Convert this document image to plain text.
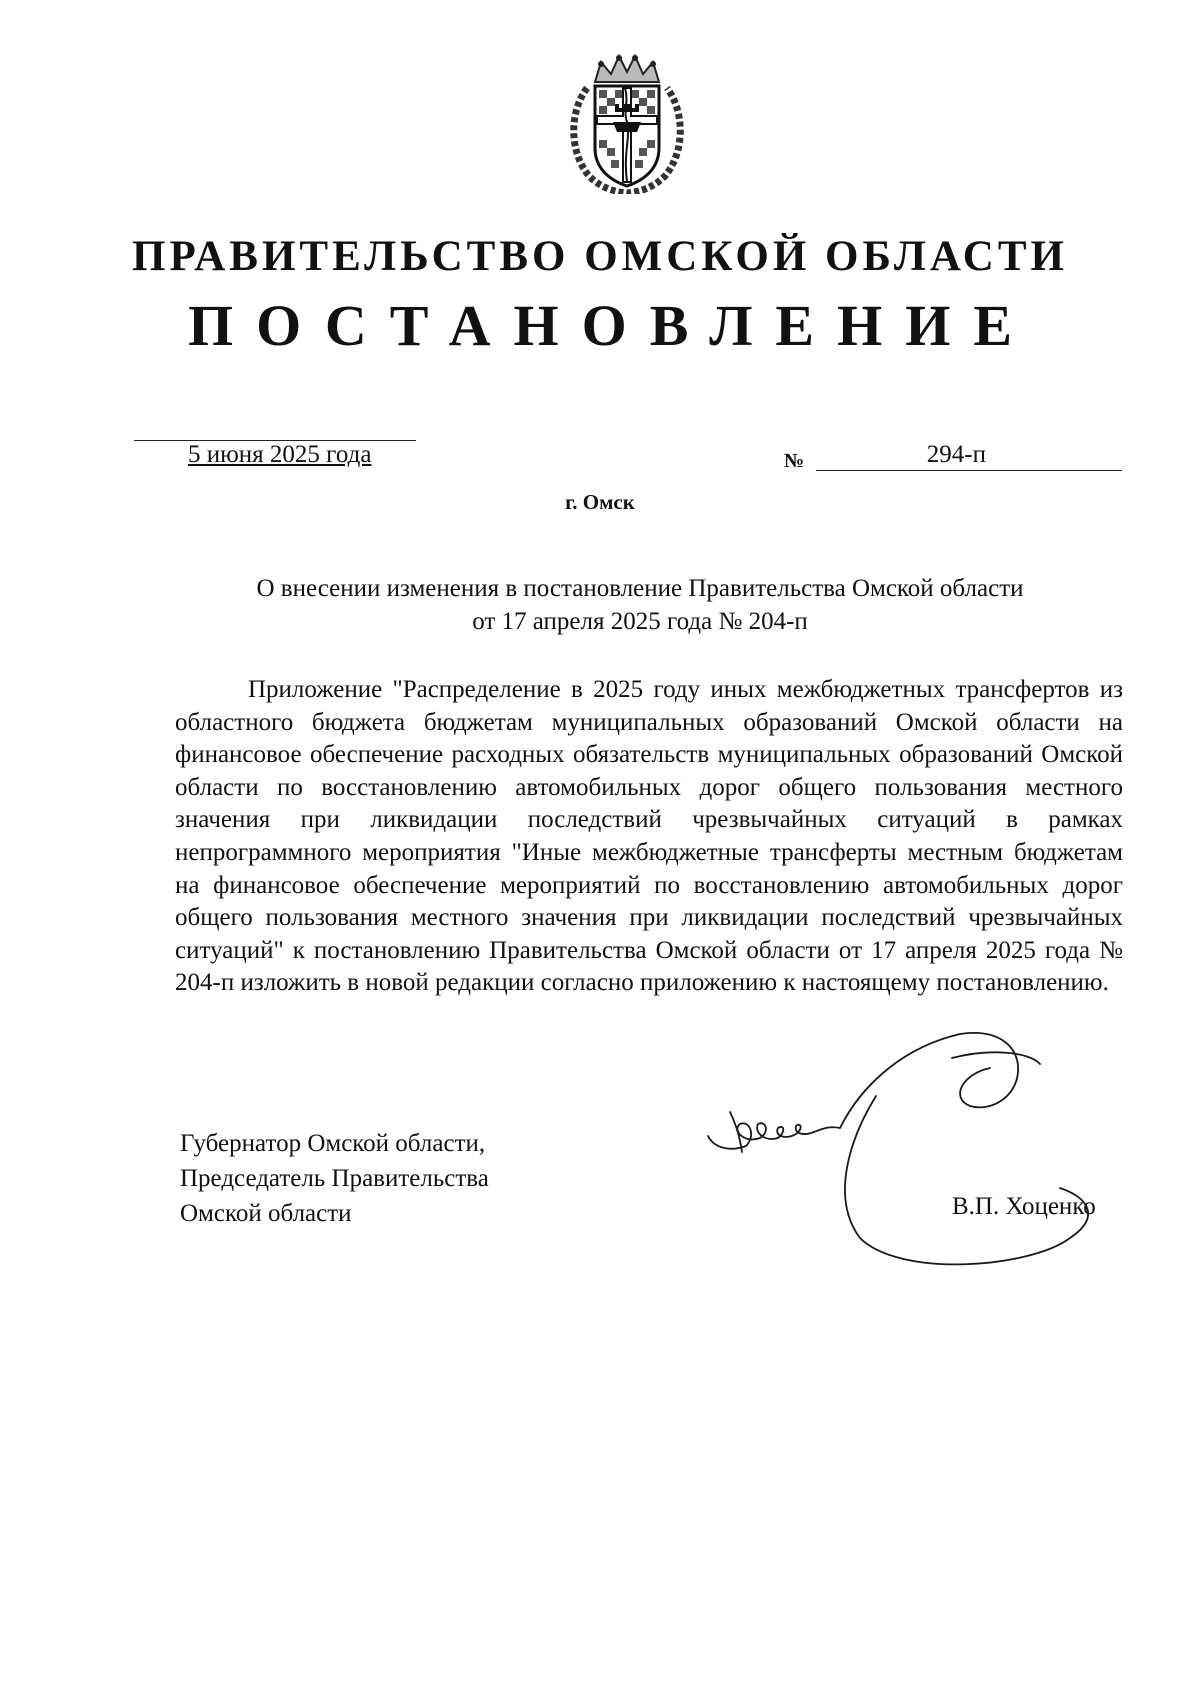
ПРАВИТЕЛЬСТВО ОМСКОЙ ОБЛАСТИ
ПОСТАНОВЛЕНИЕ
5 июня 2025 года	№	294-п
г. Омск
О внесении изменения в постановление Правительства Омской области
от 17 апреля 2025 года № 204-п

Приложение "Распределение в 2025 году иных межбюджетных трансфертов из областного бюджета бюджетам муниципальных образований Омской области на финансовое обеспечение расходных обязательств муниципальных образований Омской области по восстановлению автомобильных дорог общего пользования местного значения при ликвидации последствий чрезвычайных ситуаций в рамках непрограммного мероприятия "Иные межбюджетные трансферты местным бюджетам на финансовое обеспечение мероприятий по восстановлению автомобильных дорог общего пользования местного значения при ликвидации последствий чрезвычайных ситуаций" к постановлению Правительства Омской области от 17 апреля 2025 года № 204-п изложить в новой редакции согласно приложению к настоящему постановлению.

Губернатор Омской области,
Председатель Правительства
Омской области	В.П. Хоценко
